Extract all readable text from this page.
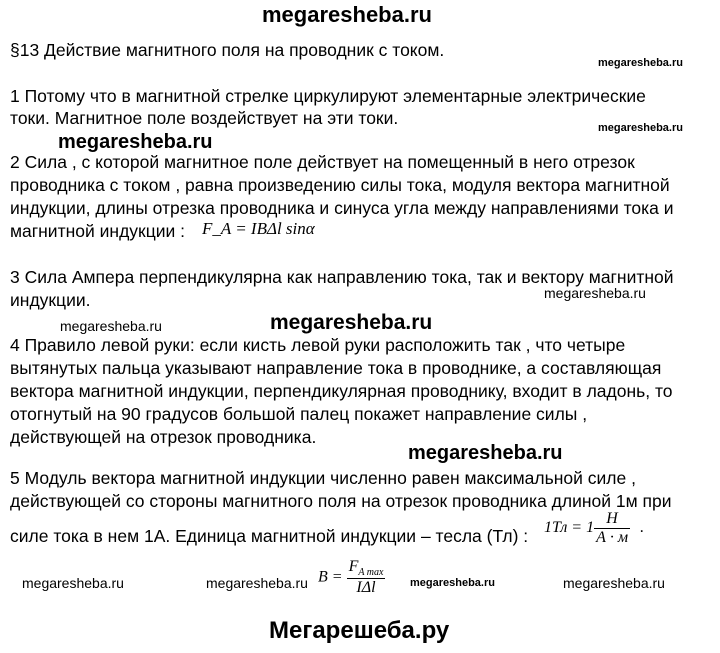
megaresheba.ru
§13 Действие магнитного поля на проводник с током.
megaresheba.ru
1 Потому что в магнитной стрелке циркулируют элементарные электрические
токи. Магнитное поле воздействует на эти токи.
megaresheba.ru
megaresheba.ru
2 Сила , с которой магнитное поле действует на помещенный в него отрезок
проводника с током , равна произведению силы тока, модуля вектора магнитной
индукции, длины отрезка проводника и синуса угла между направлениями тока и
магнитной индукции : F_A = IBΔl sinα
3 Сила Ампера перпендикулярна как направлению тока, так и вектору магнитной
индукции.	megaresheba.ru
megaresheba.ru	megaresheba.ru
4 Правило левой руки: если кисть левой руки расположить так , что четыре
вытянутых пальца указывают направление тока в проводнике, а составляющая
вектора магнитной индукции, перпендикулярная проводнику, входит в ладонь, то
отогнутый на 90 градусов большой палец покажет направление силы ,
действующей на отрезок проводника.
megaresheba.ru
5 Модуль вектора магнитной индукции численно равен максимальной силе ,
действующей со стороны магнитного поля на отрезок проводника длиной 1м при
силе тока в нем 1А. Единица магнитной индукции – тесла (Тл) : $1Тл = 1 \frac{Н}{А \cdot м}$ .
megaresheba.ru	megaresheba.ru $B = \frac{F_{A max}}{\text{IΔl}}$ megaresheba.ru	megaresheba.ru
Мегарешеба.ру
